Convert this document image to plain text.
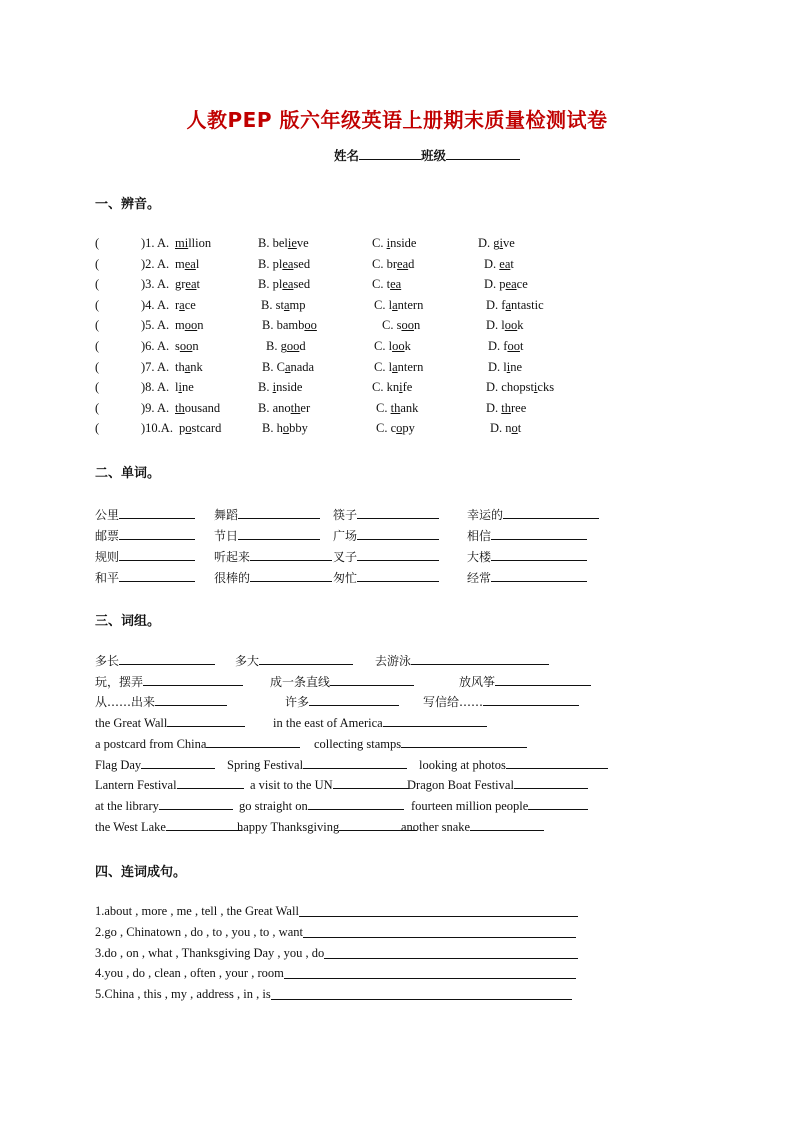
人教PEP 版六年级英语上册期末质量检测试卷
姓名	班级
一、辨音。
(	)1. A. million	B. believe	C. inside	D. give
(	)2. A. meal	B. pleased	C. bread	D. eat
(	)3. A. great	B. pleased	C. tea	D. peace
(	)4. A. race	B. stamp	C. lantern	D. fantastic
(	)5. A. moon	B. bamboo	C. soon	D. look
(	)6. A. soon	B. good	C. look	D. foot
(	)7. A. thank	B. Canada	C. lantern	D. line
(	)8. A. line	B. inside	C. knife	D. chopsticks
(	)9. A. thousand	B. another	C. thank	D. three
(	)10.A. postcard	B. hobby	C. copy	D. not
二、单词。
公里	舞蹈	筷子	幸运的
邮票	节日	广场	相信
规则	听起来	叉子	大楼
和平	很棒的	匆忙	经常
三、词组。
多长	多大	去游泳
玩，摆弄	成一条直线	放风筝
从……出来	许多	写信给……
the Great Wall	in the east of America
a postcard from China	collecting stamps
Flag Day	Spring Festival	looking at photos
Lantern Festival	a visit to the UN	Dragon Boat Festival
at the library	go straight on	fourteen million people
the West Lake	happy Thanksgiving	another snake
四、连词成句。
1.about , more , me , tell , the Great Wall
2.go , Chinatown , do , to , you , to , want
3.do , on , what , Thanksgiving Day , you , do
4.you , do , clean , often , your , room
5.China , this , my , address , in , is
